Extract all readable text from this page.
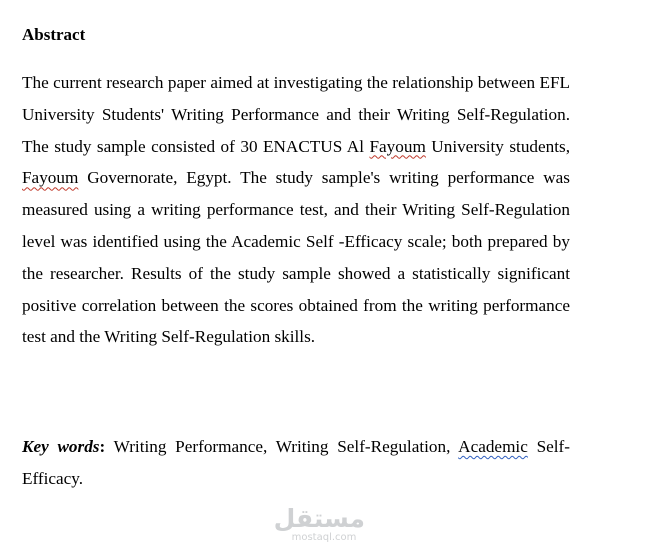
Abstract

The current research paper aimed at investigating the relationship between EFL University Students' Writing Performance and their Writing Self-Regulation. The study sample consisted of 30 ENACTUS Al Fayoum University students, Fayoum Governorate, Egypt. The study sample's writing performance was measured using a writing performance test, and their Writing Self-Regulation level was identified using the Academic Self -Efficacy scale; both prepared by the researcher. Results of the study sample showed a statistically significant positive correlation between the scores obtained from the writing performance test and the Writing Self-Regulation skills.

Key words: Writing Performance, Writing Self-Regulation, Academic Self-Efficacy.

مستقل
mostaql.com
